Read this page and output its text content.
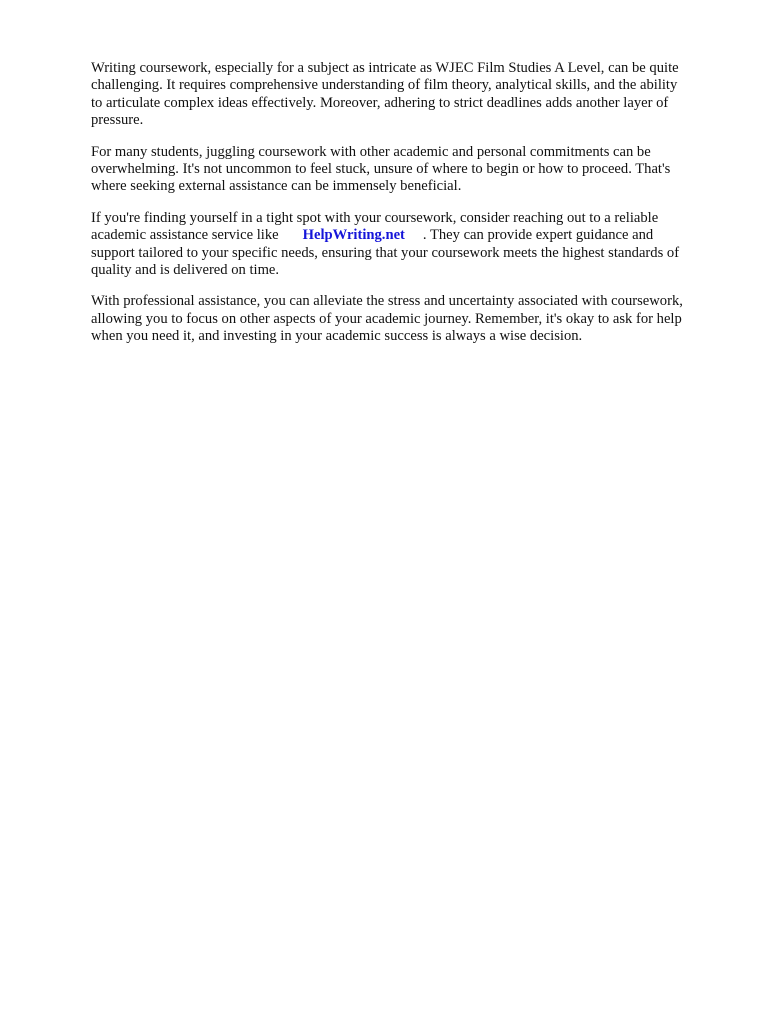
Writing coursework, especially for a subject as intricate as WJEC Film Studies A Level, can be quite
challenging. It requires comprehensive understanding of film theory, analytical skills, and the ability
to articulate complex ideas effectively. Moreover, adhering to strict deadlines adds another layer of
pressure.

For many students, juggling coursework with other academic and personal commitments can be
overwhelming. It's not uncommon to feel stuck, unsure of where to begin or how to proceed. That's
where seeking external assistance can be immensely beneficial.

If you're finding yourself in a tight spot with your coursework, consider reaching out to a reliable
academic assistance service like HelpWriting.net . They can provide expert guidance and
support tailored to your specific needs, ensuring that your coursework meets the highest standards of
quality and is delivered on time.

With professional assistance, you can alleviate the stress and uncertainty associated with coursework,
allowing you to focus on other aspects of your academic journey. Remember, it's okay to ask for help
when you need it, and investing in your academic success is always a wise decision.
